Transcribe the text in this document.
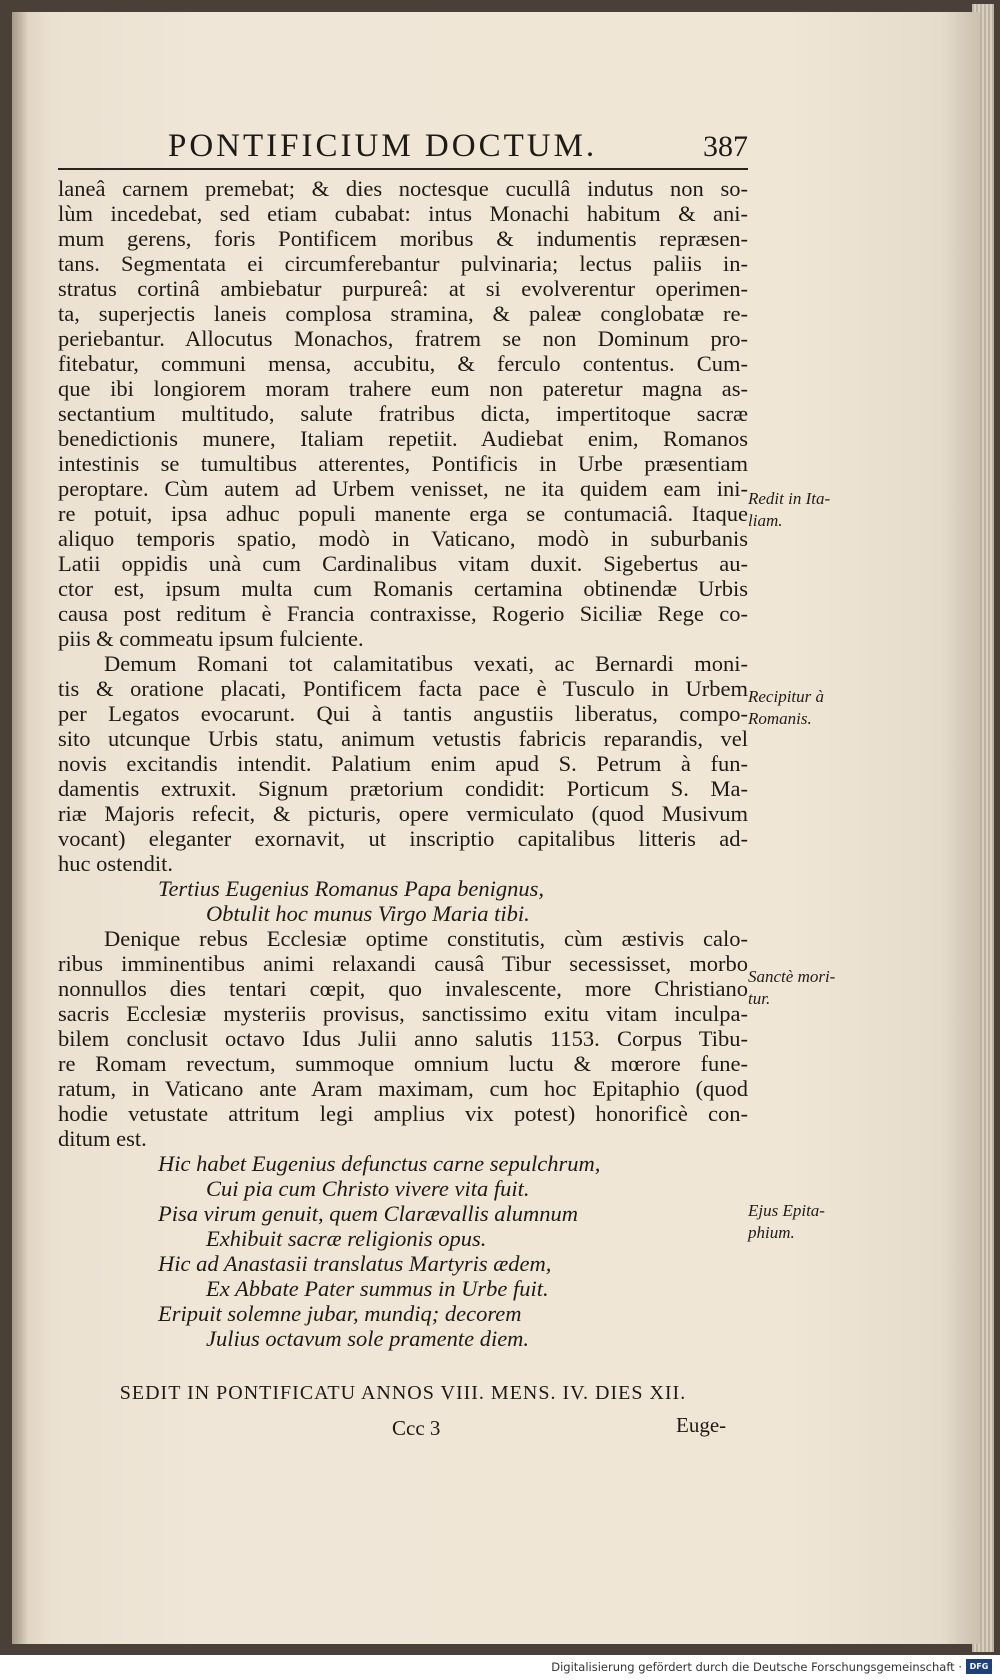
PONTIFICIUM DOCTUM.	387
laneâ carnem premebat; & dies noctesque cucullâ indutus non so-
lùm incedebat, sed etiam cubabat: intus Monachi habitum & ani-
mum gerens, foris Pontificem moribus & indumentis repræsen-
tans. Segmentata ei circumferebantur pulvinaria; lectus paliis in-
stratus cortinâ ambiebatur purpureâ: at si evolverentur operimen-
ta, superjectis laneis complosa stramina, & paleæ conglobatæ re-
periebantur. Allocutus Monachos, fratrem se non Dominum pro-
fitebatur, communi mensa, accubitu, & ferculo contentus. Cum-
que ibi longiorem moram trahere eum non pateretur magna as-
sectantium multitudo, salute fratribus dicta, impertitoque sacræ
benedictionis munere, Italiam repetiit. Audiebat enim, Romanos
intestinis se tumultibus atterentes, Pontificis in Urbe præsentiam
peroptare. Cùm autem ad Urbem venisset, ne ita quidem eam ini-
re potuit, ipsa adhuc populi manente erga se contumaciâ. Itaque
aliquo temporis spatio, modò in Vaticano, modò in suburbanis
Latii oppidis unà cum Cardinalibus vitam duxit. Sigebertus au-
ctor est, ipsum multa cum Romanis certamina obtinendæ Urbis
causa post reditum è Francia contraxisse, Rogerio Siciliæ Rege co-
piis & commeatu ipsum fulciente.
Demum Romani tot calamitatibus vexati, ac Bernardi moni-
tis & oratione placati, Pontificem facta pace è Tusculo in Urbem
per Legatos evocarunt. Qui à tantis angustiis liberatus, compo-
sito utcunque Urbis statu, animum vetustis fabricis reparandis, vel
novis excitandis intendit. Palatium enim apud S. Petrum à fun-
damentis extruxit. Signum prætorium condidit: Porticum S. Ma-
riæ Majoris refecit, & picturis, opere vermiculato (quod Musivum
vocant) eleganter exornavit, ut inscriptio capitalibus litteris ad-
huc ostendit.
Tertius Eugenius Romanus Papa benignus,
Obtulit hoc munus Virgo Maria tibi.
Denique rebus Ecclesiæ optime constitutis, cùm æstivis calo-
ribus imminentibus animi relaxandi causâ Tibur secessisset, morbo
nonnullos dies tentari cœpit, quo invalescente, more Christiano
sacris Ecclesiæ mysteriis provisus, sanctissimo exitu vitam inculpa-
bilem conclusit octavo Idus Julii anno salutis 1153. Corpus Tibu-
re Romam revectum, summoque omnium luctu & mœrore fune-
ratum, in Vaticano ante Aram maximam, cum hoc Epitaphio (quod
hodie vetustate attritum legi amplius vix potest) honorificè con-
ditum est.
Hic habet Eugenius defunctus carne sepulchrum,
Cui pia cum Christo vivere vita fuit.
Pisa virum genuit, quem Clarævallis alumnum
Exhibuit sacræ religionis opus.
Hic ad Anastasii translatus Martyris ædem,
Ex Abbate Pater summus in Urbe fuit.
Eripuit solemne jubar, mundiq; decorem
Julius octavum sole pramente diem.
Redit in Ita-
liam.
Recipitur à
Romanis.
Sanctè mori-
tur.
Ejus Epita-
phium.
SEDIT IN PONTIFICATU ANNOS VIII. MENS. IV. DIES XII.
Ccc 3	Euge-
Digitalisierung gefördert durch die Deutsche Forschungsgemeinschaft · DFG
